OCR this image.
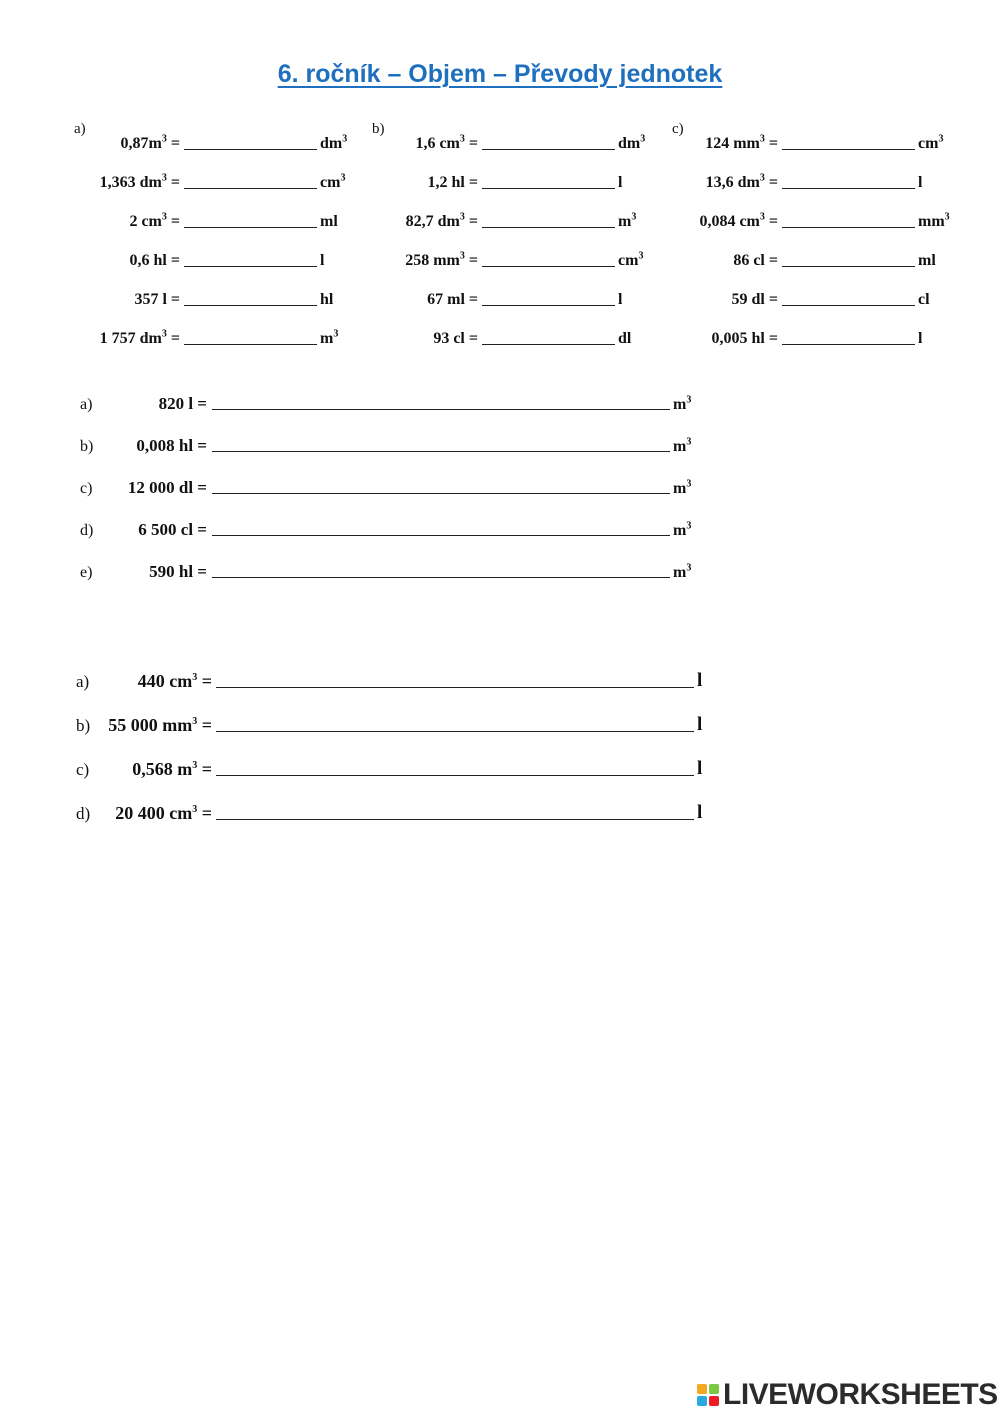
6. ročník – Objem – Převody jednotek
a)
$0,87m^3$ =	$dm^3$
1,363 $dm^3$ =	$cm^3$
2 $cm^3$ =	ml
0,6 hl =	l
357 l =	hl
1 757 $dm^3$ =	$m^3$
b)
1,6 $cm^3$ =	$dm^3$
1,2 hl =	l
82,7 $dm^3$ =	$m^3$
258 $mm^3$ =	$cm^3$
67 ml =	l
93 cl =	dl
c)
124 $mm^3$ =	$cm^3$
13,6 $dm^3$ =	l
0,084 $cm^3$ =	$mm^3$
86 cl =	ml
59 dl =	cl
0,005 hl =	l
a)	820 l =	$m^3$
b)	0,008 hl =	$m^3$
c)	12 000 dl =	$m^3$
d)	6 500 cl =	$m^3$
e)	590 hl =	$m^3$
a)	440 $cm^3$ =	l
b)	55 000 $mm^3$ =	l
c)	0,568 $m^3$ =	l
d)	20 400 $cm^3$ =	l
LIVEWORKSHEETS
